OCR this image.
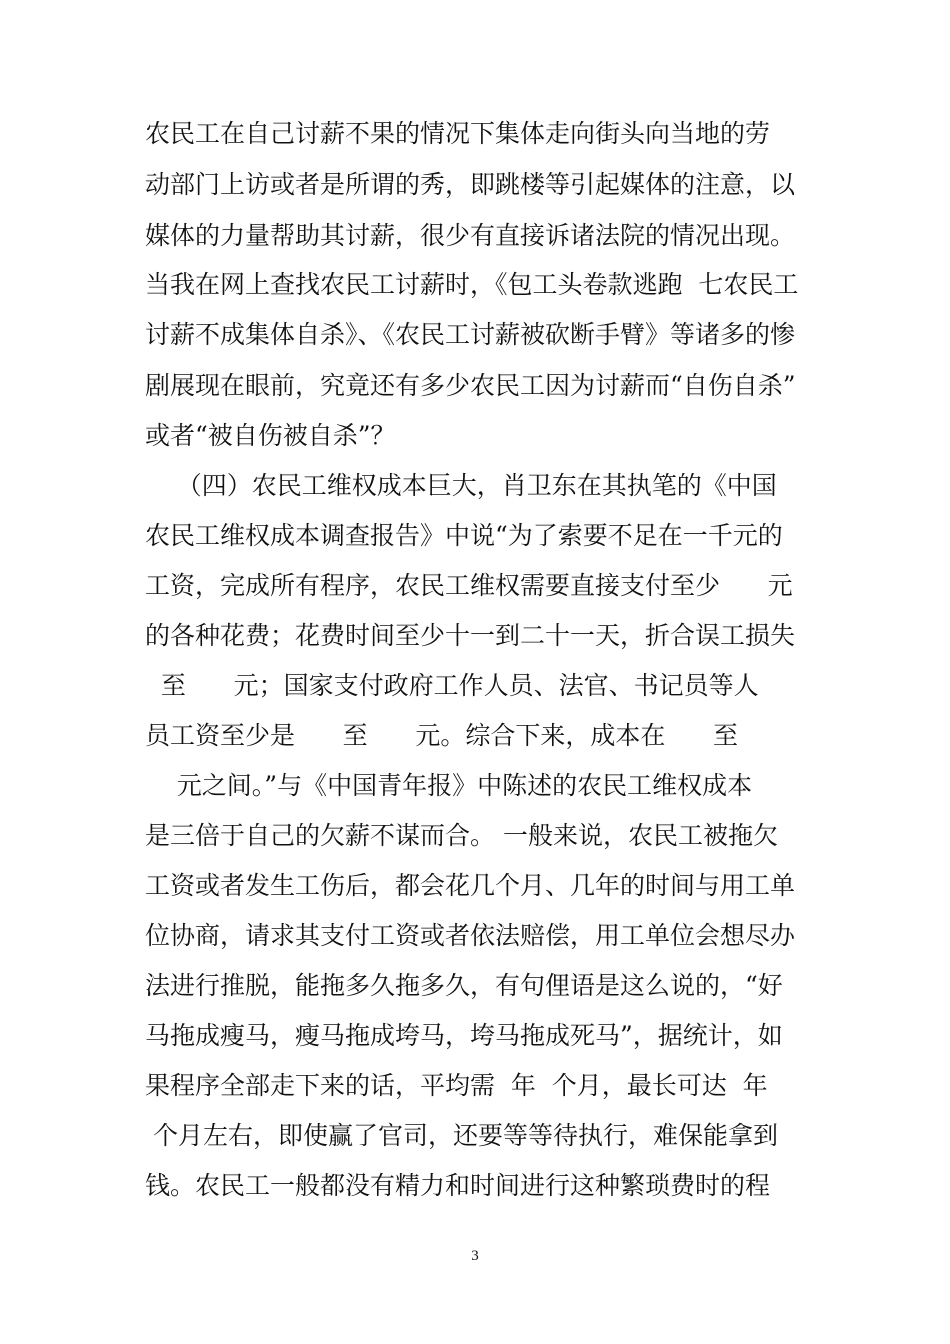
农民工在自己讨薪不果的情况下集体走向街头向当地的劳
动部门上访或者是所谓的秀，即跳楼等引起媒体的注意，以
媒体的力量帮助其讨薪，很少有直接诉诸法院的情况出现。
当我在网上查找农民工讨薪时，《包工头卷款逃跑  七农民工
讨薪不成集体自杀》、《农民工讨薪被砍断手臂》等诸多的惨
剧展现在眼前，究竟还有多少农民工因为讨薪而“自伤自杀”
或者“被自伤被自杀”？
（四）农民工维权成本巨大，肖卫东在其执笔的《中国
农民工维权成本调查报告》中说“为了索要不足在一千元的
工资，完成所有程序，农民工维权需要直接支付至少      元
的各种花费；花费时间至少十一到二十一天，折合误工损失
至      元；国家支付政府工作人员、法官、书记员等人
员工资至少是      至      元。综合下来，成本在      至
元之间。”与《中国青年报》中陈述的农民工维权成本
是三倍于自己的欠薪不谋而合。 一般来说，农民工被拖欠
工资或者发生工伤后，都会花几个月、几年的时间与用工单
位协商，请求其支付工资或者依法赔偿，用工单位会想尽办
法进行推脱，能拖多久拖多久，有句俚语是这么说的，“好
马拖成瘦马，瘦马拖成垮马，垮马拖成死马”，据统计，如
果程序全部走下来的话，平均需  年  个月，最长可达  年
个月左右，即使赢了官司，还要等等待执行，难保能拿到
钱。农民工一般都没有精力和时间进行这种繁琐费时的程
3
